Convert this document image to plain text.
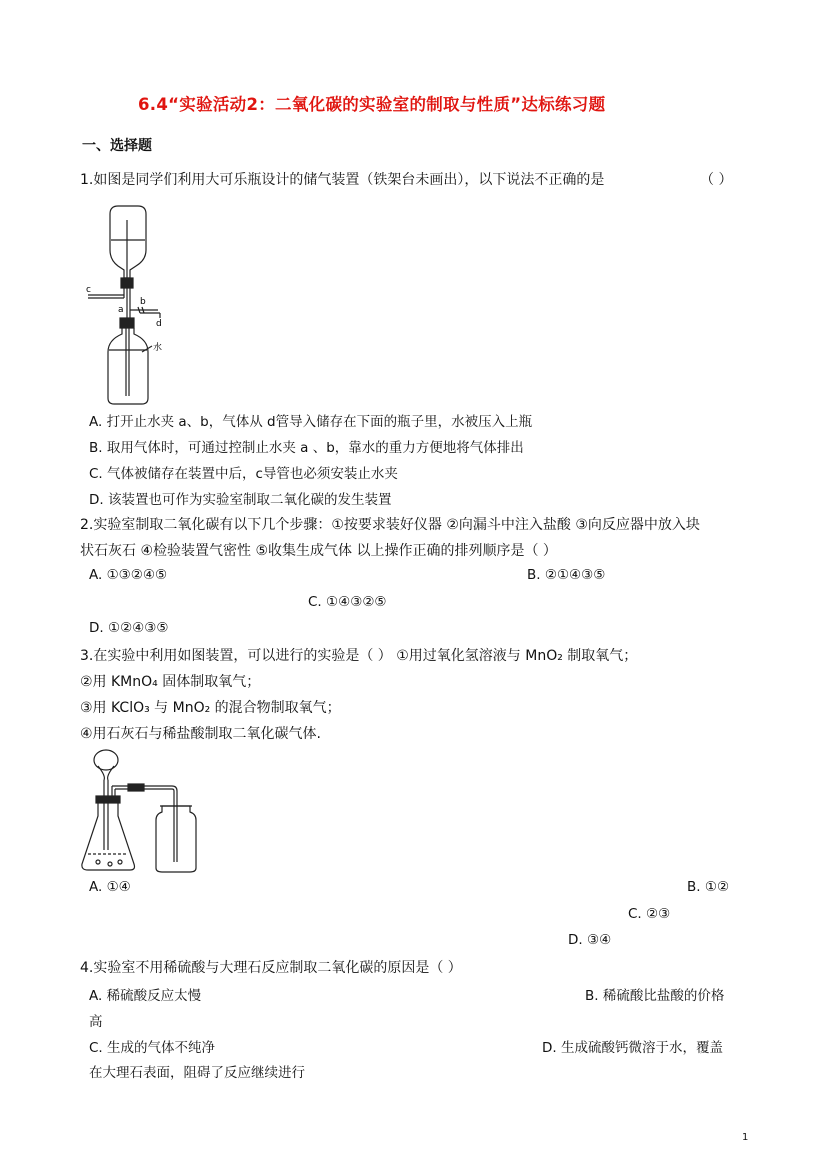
6.4“实验活动2：二氧化碳的实验室的制取与性质”达标练习题
一、选择题
1.如图是同学们利用大可乐瓶设计的储气装置（铁架台未画出），以下说法不正确的是	（ ）
c
a
b
d
水
A. 打开止水夹 a、b，气体从 d管导入储存在下面的瓶子里，水被压入上瓶
B. 取用气体时，可通过控制止水夹 a 、b，靠水的重力方便地将气体排出
C. 气体被储存在装置中后，c导管也必须安装止水夹
D. 该装置也可作为实验室制取二氧化碳的发生装置
2.实验室制取二氧化碳有以下几个步骤：①按要求装好仪器 ②向漏斗中注入盐酸 ③向反应器中放入块
状石灰石 ④检验装置气密性 ⑤收集生成气体 以上操作正确的排列顺序是（ ）
A. ①③②④⑤	B. ②①④③⑤
C. ①④③②⑤
D. ①②④③⑤
3.在实验中利用如图装置，可以进行的实验是（ ） ①用过氧化氢溶液与 MnO₂ 制取氧气；
②用 KMnO₄ 固体制取氧气；
③用 KClO₃ 与 MnO₂ 的混合物制取氧气；
④用石灰石与稀盐酸制取二氧化碳气体.
A. ①④	B. ①②
C. ②③
D. ③④
4.实验室不用稀硫酸与大理石反应制取二氧化碳的原因是（ ）
A. 稀硫酸反应太慢	B. 稀硫酸比盐酸的价格
高
C. 生成的气体不纯净	D. 生成硫酸钙微溶于水，覆盖
在大理石表面，阻碍了反应继续进行
1
